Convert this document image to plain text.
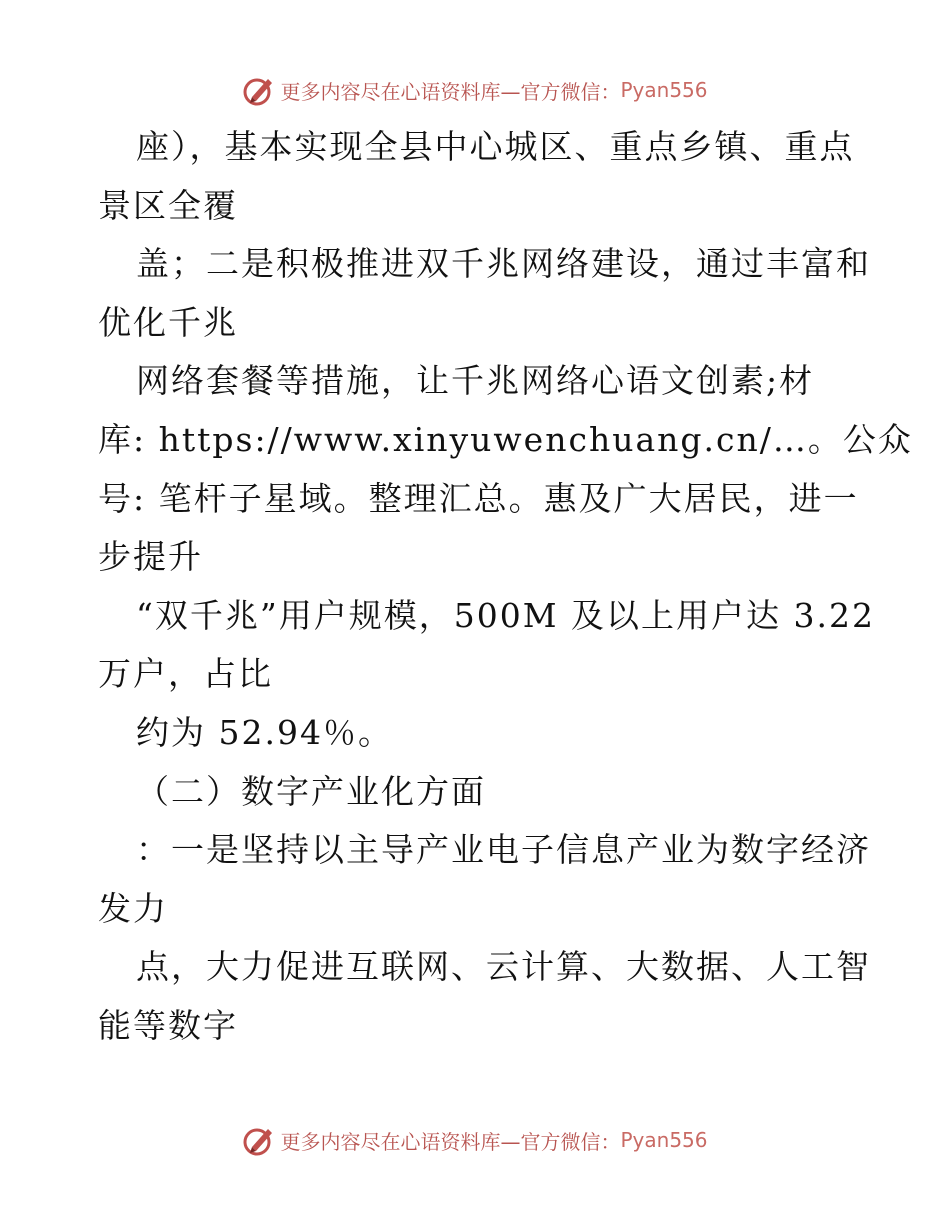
更多内容尽在心语资料库—官方微信： Pyan556
座），基本实现全县中心城区、重点乡镇、重点
景区全覆
盖；二是积极推进双千兆网络建设，通过丰富和
优化千兆
网络套餐等措施，让千兆网络心语文创素;材
库: https://www.xinyuwenchuang.cn/…。公众
号: 笔杆子星域。整理汇总。惠及广大居民，进一
步提升
“双千兆”用户规模，500M 及以上用户达 3.22
万户，占比
约为 52.94％。
（二）数字产业化方面
：一是坚持以主导产业电子信息产业为数字经济
发力
点，大力促进互联网、云计算、大数据、人工智
能等数字
更多内容尽在心语资料库—官方微信： Pyan556
